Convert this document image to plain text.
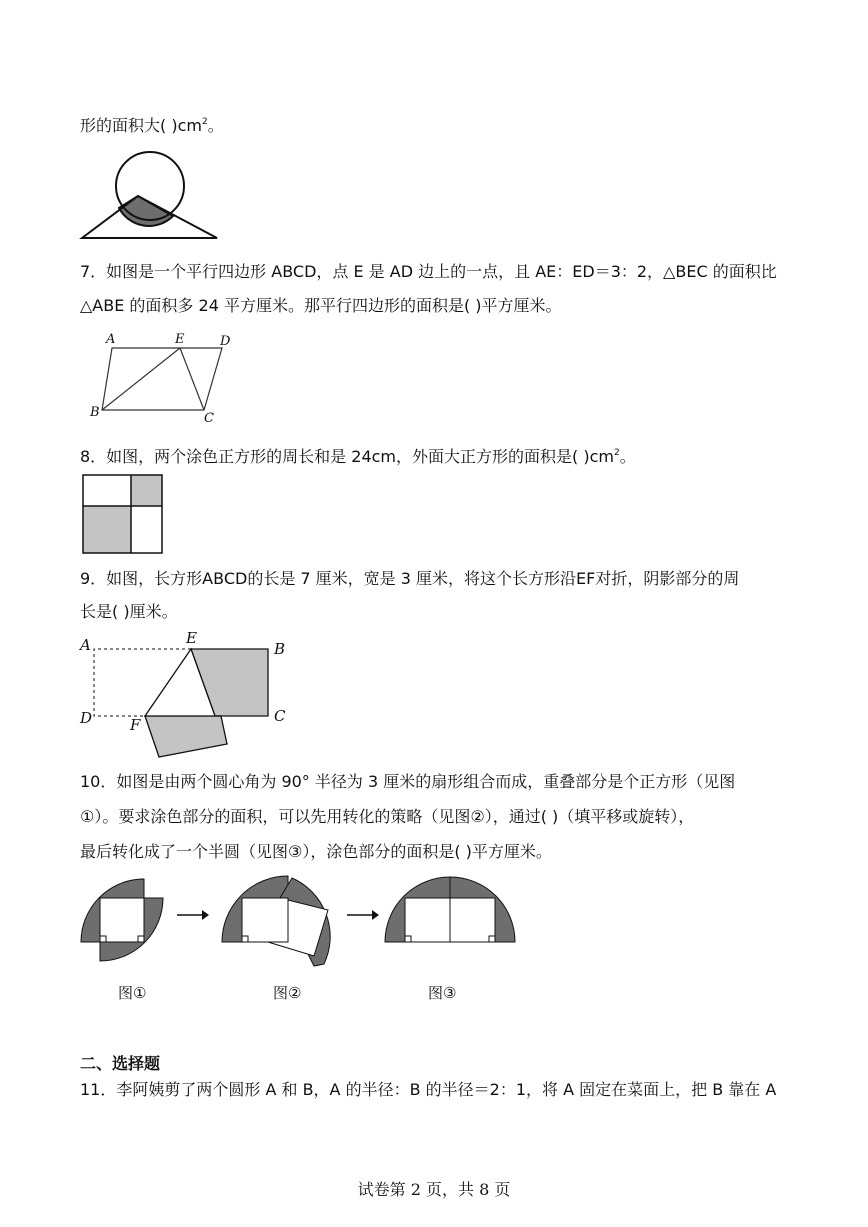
形的面积大( )$cm^2$。
7．如图是一个平行四边形 ABCD，点 E 是 AD 边上的一点，且 AE：ED＝3：2，△BEC 的面积比
△ABE 的面积多 24 平方厘米。那平行四边形的面积是( )平方厘米。
A	E	D
B	C
8．如图，两个涂色正方形的周长和是 24cm，外面大正方形的面积是( )$cm^2$。
9．如图，长方形ABCD的长是 7 厘米，宽是 3 厘米，将这个长方形沿EF对折，阴影部分的周
长是( )厘米。
A	E
B
C
D	F
10．如图是由两个圆心角为 90° 半径为 3 厘米的扇形组合而成，重叠部分是个正方形（见图
①）。要求涂色部分的面积，可以先用转化的策略（见图②），通过( )（填平移或旋转），
最后转化成了一个半圆（见图③），涂色部分的面积是( )平方厘米。
图①	图②	图③
二、选择题
11．李阿姨剪了两个圆形 A 和 B，A 的半径：B 的半径＝2：1，将 A 固定在菜面上，把 B 靠在 A
试卷第 2 页，共 8 页
